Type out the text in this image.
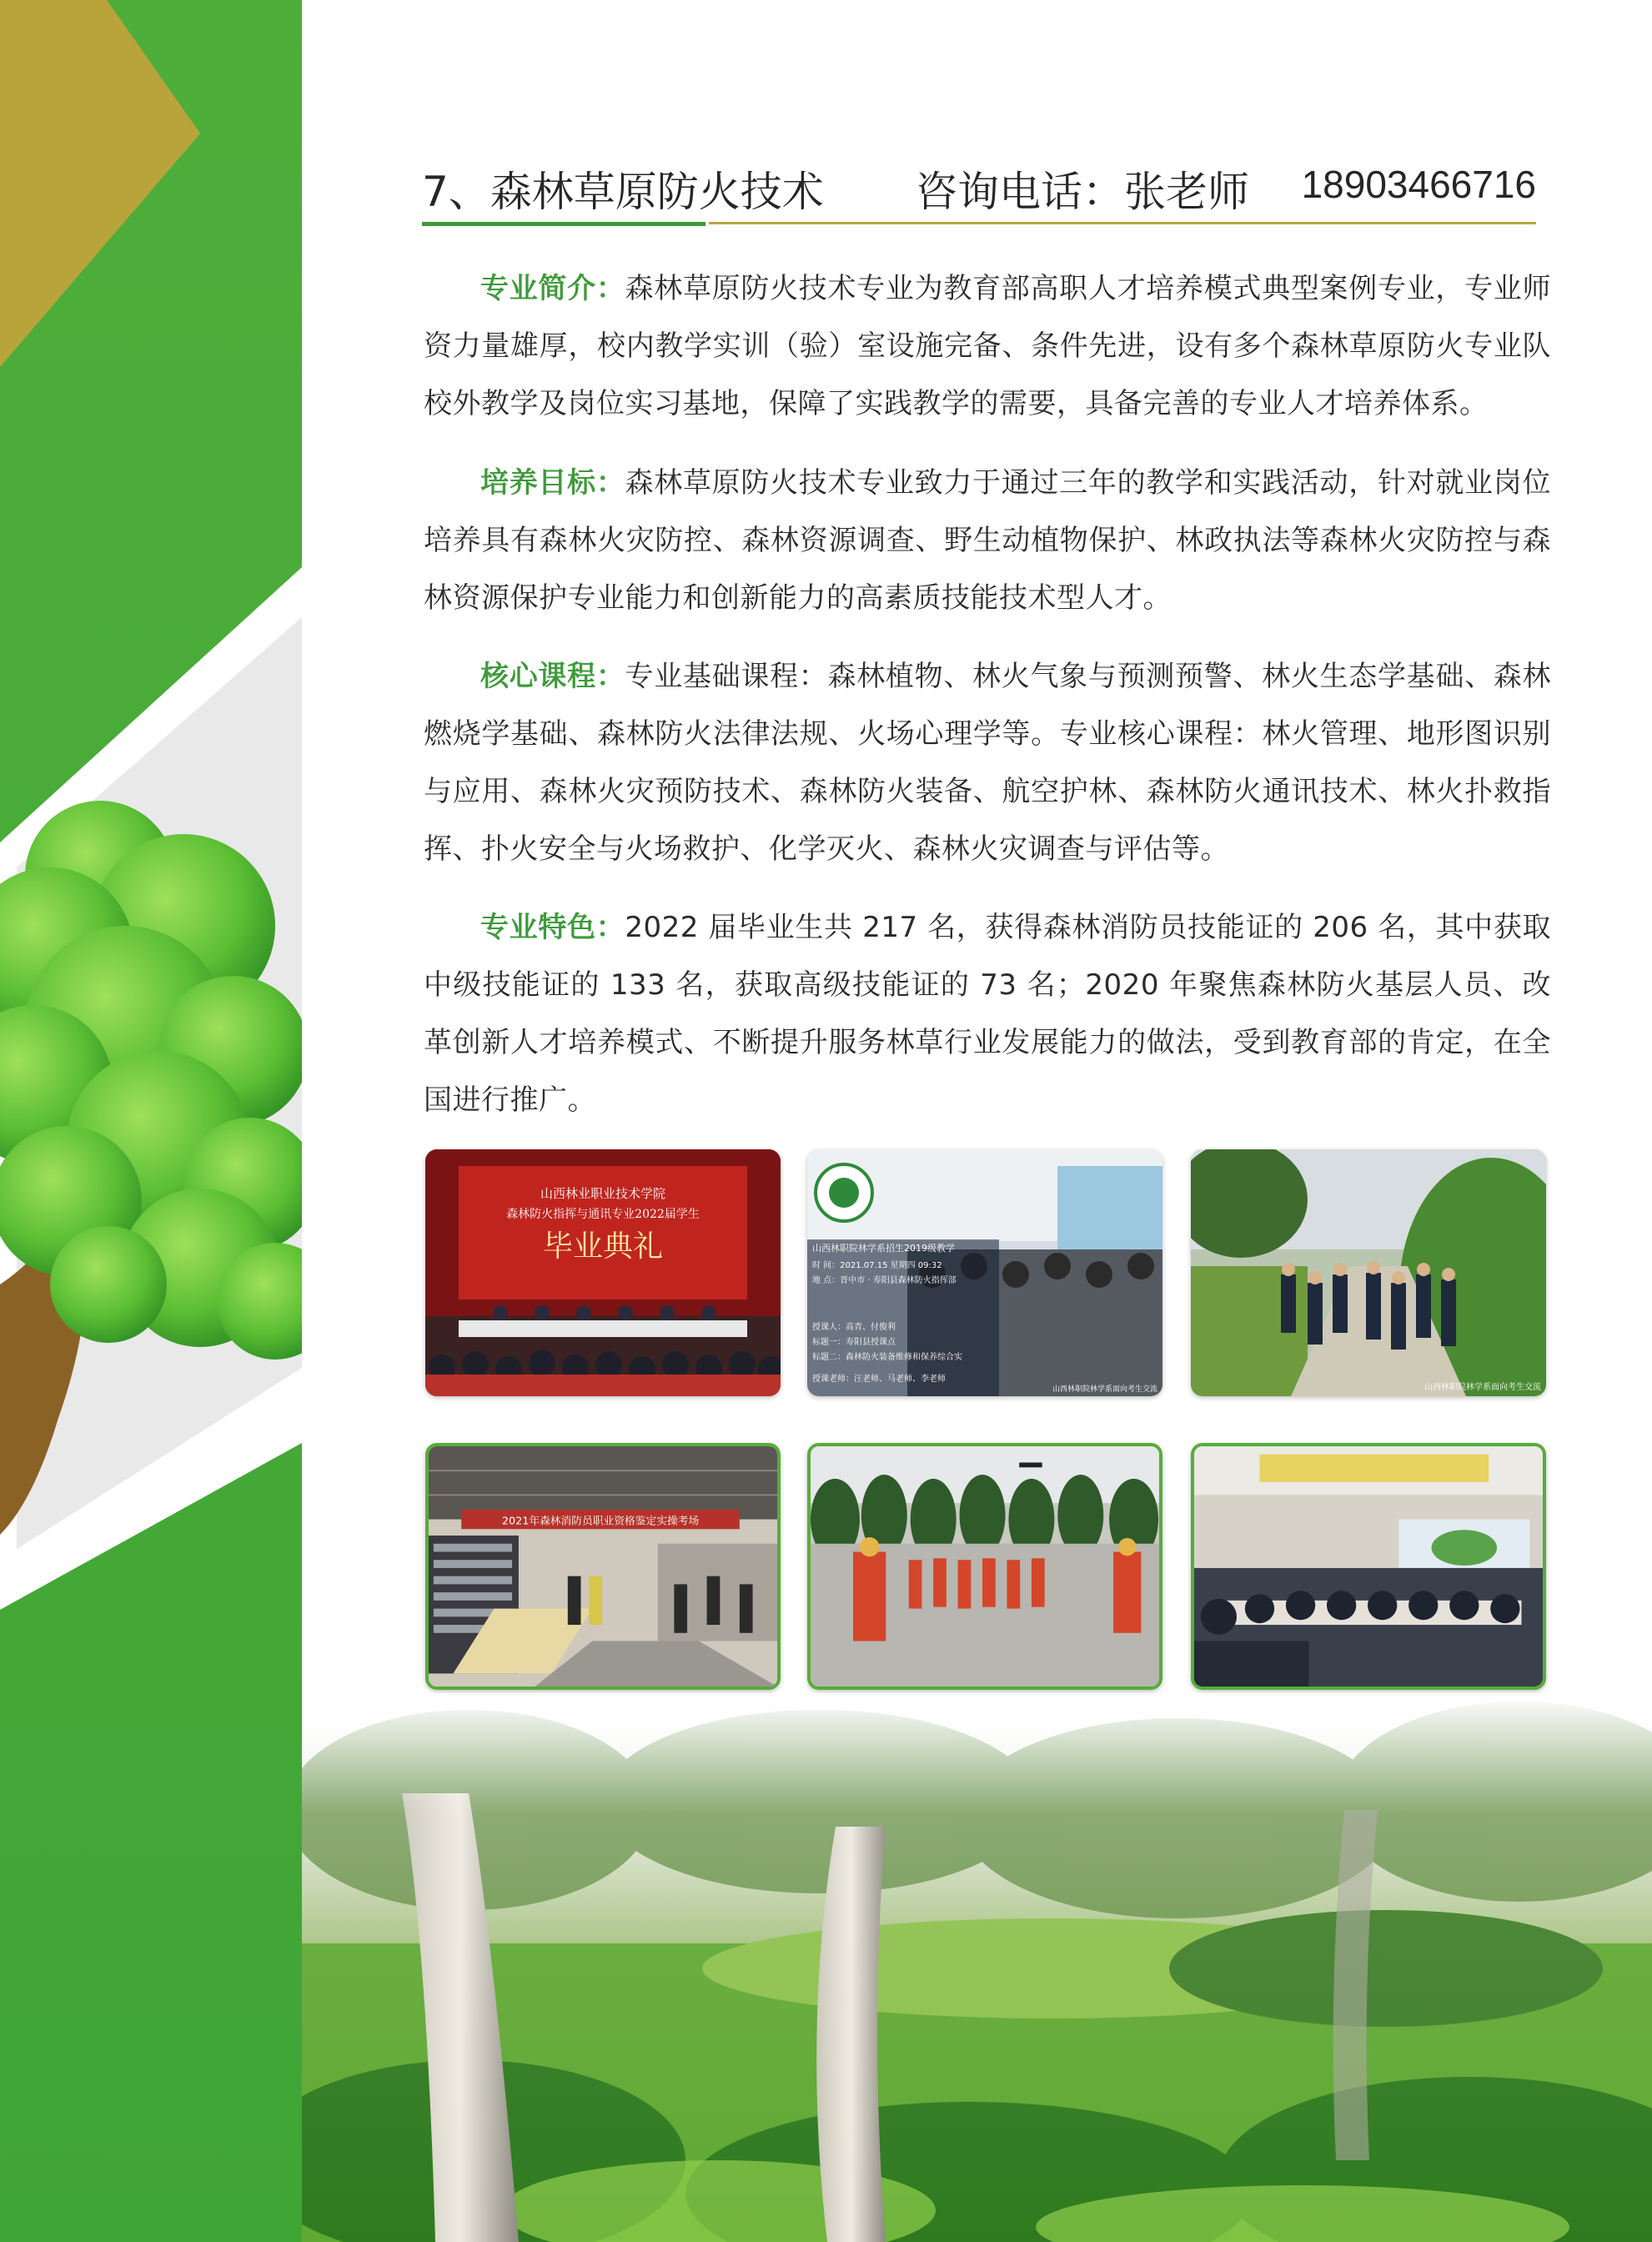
7、森林草原防火技术 咨询电话：张老师 18903466716
专业简介：森林草原防火技术专业为教育部高职人才培养模式典型案例专业，专业师资力量雄厚，校内教学实训（验）室设施完备、条件先进，设有多个森林草原防火专业队校外教学及岗位实习基地，保障了实践教学的需要，具备完善的专业人才培养体系。
培养目标：森林草原防火技术专业致力于通过三年的教学和实践活动，针对就业岗位培养具有森林火灾防控、森林资源调查、野生动植物保护、林政执法等森林火灾防控与森林资源保护专业能力和创新能力的高素质技能技术型人才。
核心课程：专业基础课程：森林植物、林火气象与预测预警、林火生态学基础、森林燃烧学基础、森林防火法律法规、火场心理学等。专业核心课程：林火管理、地形图识别与应用、森林火灾预防技术、森林防火装备、航空护林、森林防火通讯技术、林火扑救指挥、扑火安全与火场救护、化学灭火、森林火灾调查与评估等。
专业特色：2022 届毕业生共 217 名，获得森林消防员技能证的 206 名，其中获取中级技能证的 133 名，获取高级技能证的 73 名；2020 年聚焦森林防火基层人员、改革创新人才培养模式、不断提升服务林草行业发展能力的做法，受到教育部的肯定，在全国进行推广。
山西林业职业技术学院
森林防火指挥与通讯专业2022届学生
毕业典礼	山西林职院林学系招生2019级教学
时 间：2021.07.15 星期四 09:32
地 点：晋中市 · 寿阳县森林防火指挥部
授课人：高青、付俊利
标题一：寿阳县授课点
标题二：森林防火装备维修和保养综合实
授课老师：汪老师、马老师、李老师
山西林职院林学系面向考生交流	山西林职院林学系面向考生交流
2021年森林消防员职业资格鉴定实操考场
